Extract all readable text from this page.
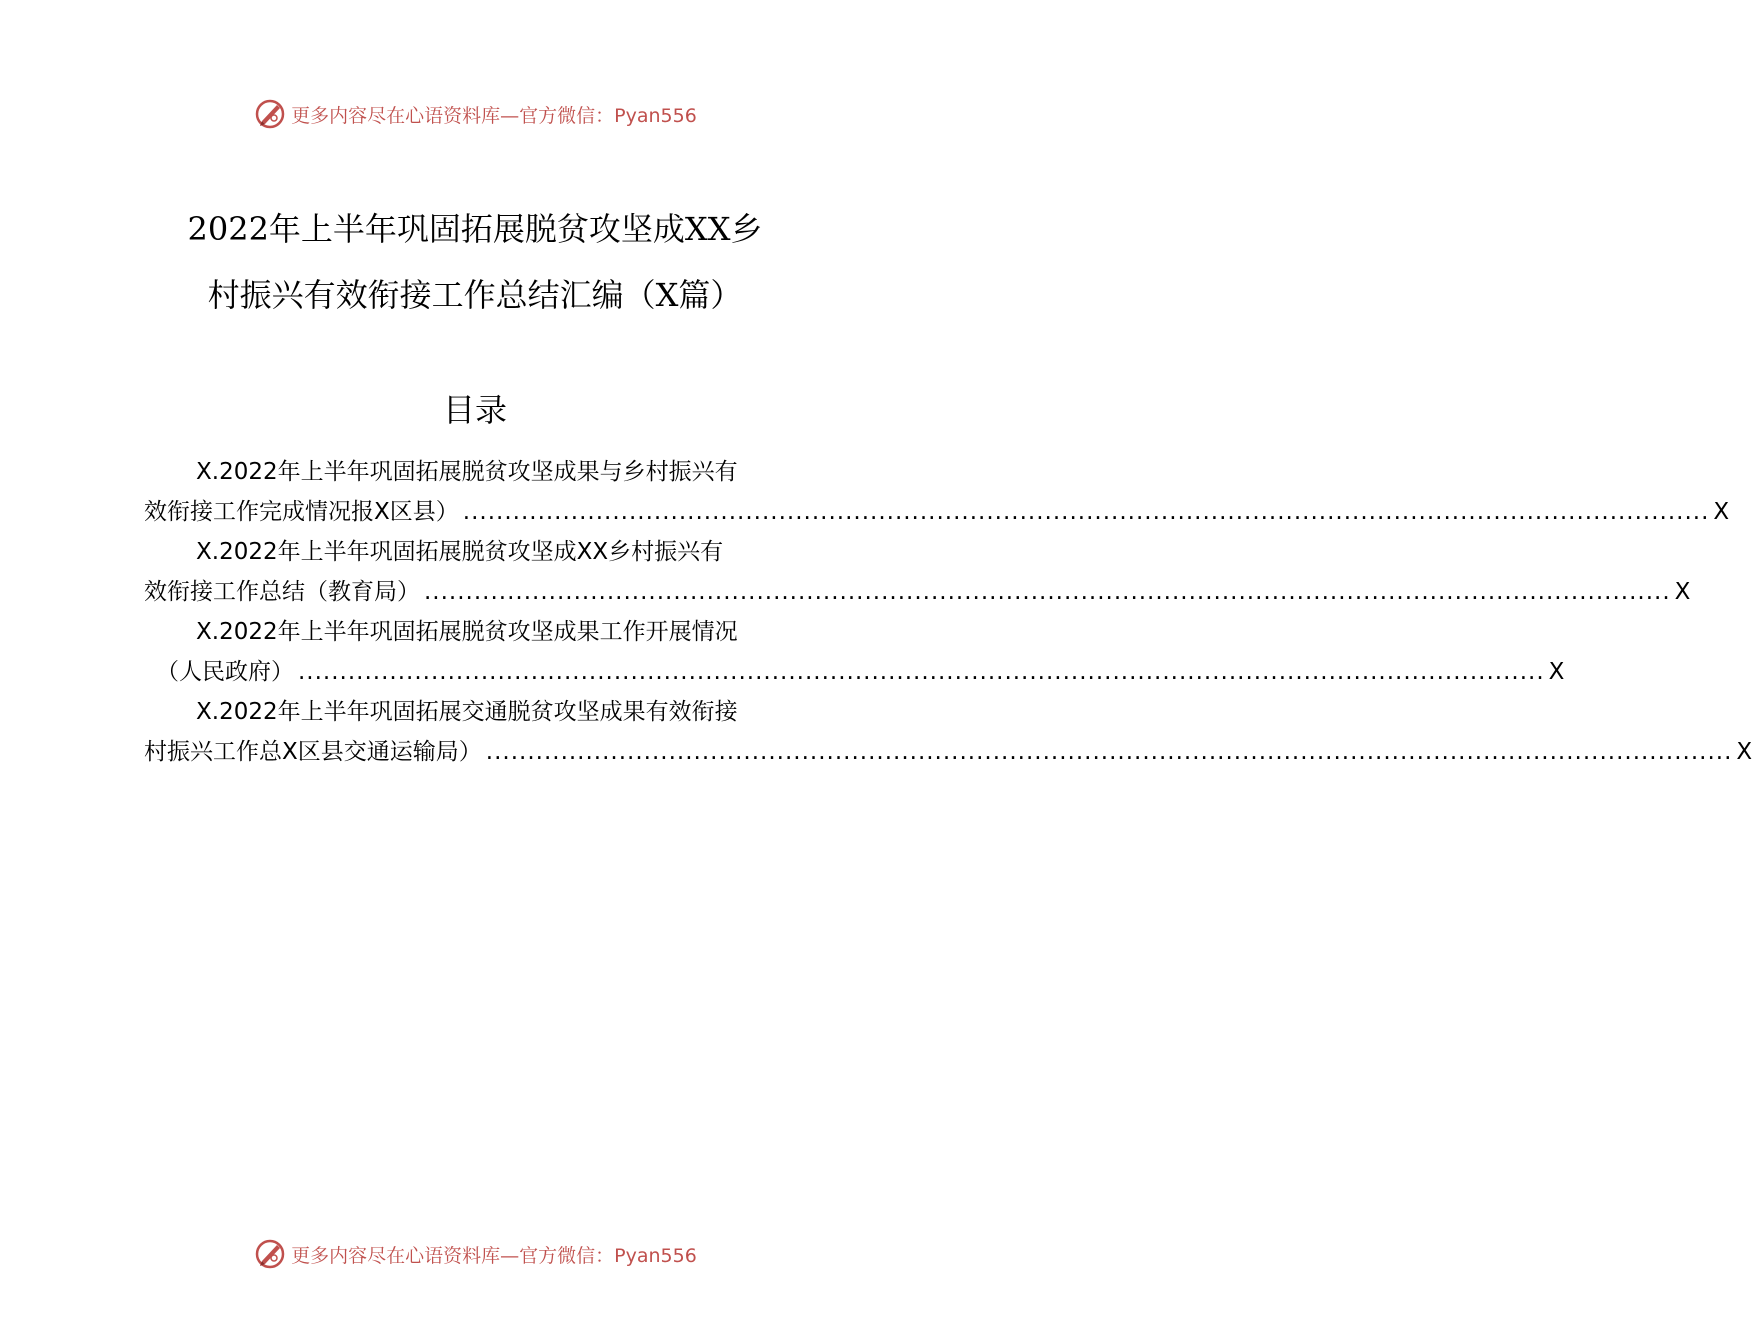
更多内容尽在心语资料库—官方微信：Pyan556
2022年上半年巩固拓展脱贫攻坚成XX乡
村振兴有效衔接工作总结汇编（X篇）
目录
X.2022年上半年巩固拓展脱贫攻坚成果与乡村振兴有
效衔接工作完成情况报X区县） ...................................................................................................................................................... X
X.2022年上半年巩固拓展脱贫攻坚成XX乡村振兴有
效衔接工作总结（教育局） ...................................................................................................................................................... X
X.2022年上半年巩固拓展脱贫攻坚成果工作开展情况
（人民政府） ...................................................................................................................................................... X
X.2022年上半年巩固拓展交通脱贫攻坚成果有效衔接
村振兴工作总X区县交通运输局） ...................................................................................................................................................... X
更多内容尽在心语资料库—官方微信：Pyan556
